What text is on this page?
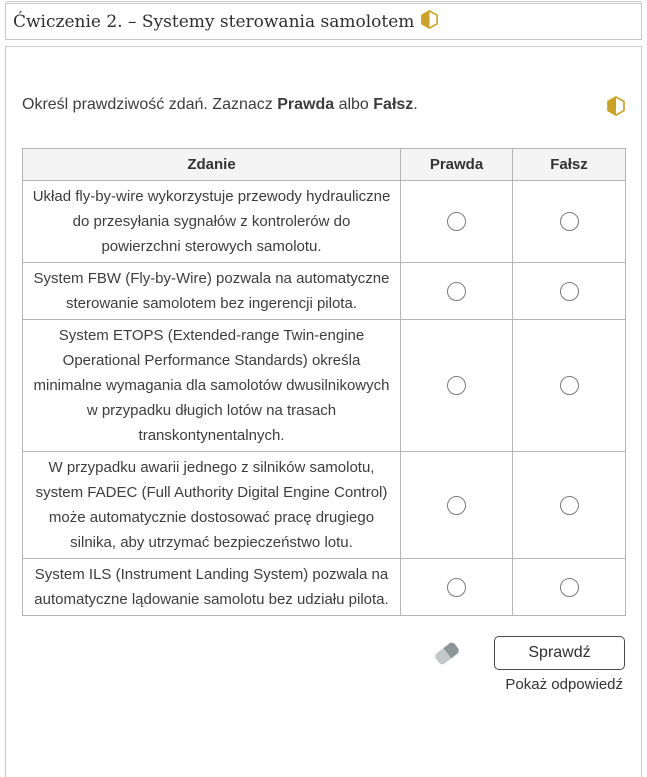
Ćwiczenie 2. – Systemy sterowania samolotem
Określ prawdziwość zdań. Zaznacz Prawda albo Fałsz.
Zdanie	Prawda	Fałsz
Układ fly-by-wire wykorzystuje przewody hydrauliczne do przesyłania sygnałów z kontrolerów do powierzchni sterowych samolotu.		
System FBW (Fly-by-Wire) pozwala na automatyczne sterowanie samolotem bez ingerencji pilota.		
System ETOPS (Extended-range Twin-engine Operational Performance Standards) określa minimalne wymagania dla samolotów dwusilnikowych w przypadku długich lotów na trasach transkontynentalnych.		
W przypadku awarii jednego z silników samolotu, system FADEC (Full Authority Digital Engine Control) może automatycznie dostosować pracę drugiego silnika, aby utrzymać bezpieczeństwo lotu.		
System ILS (Instrument Landing System) pozwala na automatyczne lądowanie samolotu bez udziału pilota.		
Sprawdź
Pokaż odpowiedź
